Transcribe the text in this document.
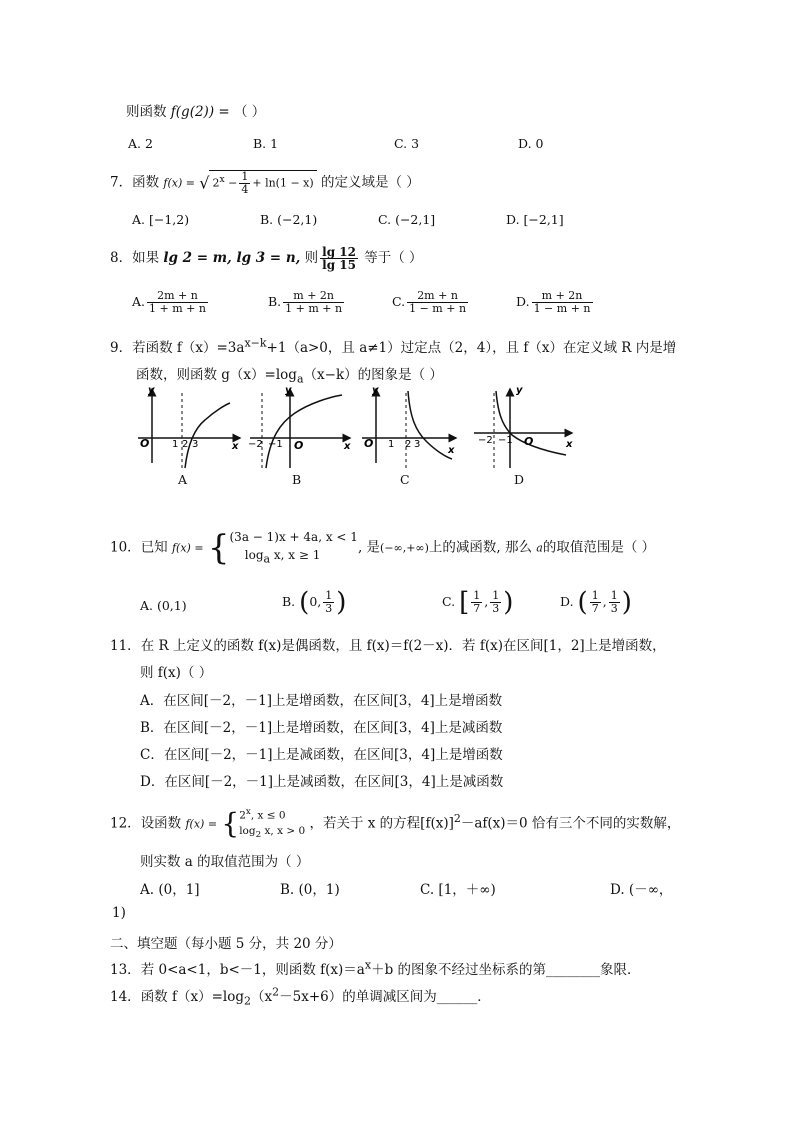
则函数 f(g(2)) = （ ）
A. 2	B. 1	C. 3	D. 0
7．函数 f(x) = √ $2^x - \frac{1}{4} + \ln(1 - x)$ 的定义域是（ ）
A. [−1,2)	B. (−2,1)	C. (−2,1]	D. [−2,1]
8．如果 lg 2 = m, lg 3 = n, 则 $\frac{\lg 12}{\lg 15}$ 等于（ ）
A. $\frac{2m + n}{1 + m + n}$	B. $\frac{m + 2n}{1 + m + n}$	C. $\frac{2m + n}{1 - m + n}$	D. $\frac{m + 2n}{1 - m + n}$
9．若函数 $f(x)=3a^{x-k}+1(a>0$，且 a≠1）过定点（2，4），且 f（x）在定义域 R 内是增
函数，则函数 $g(x)=\log_a(x-k)$的图象是（ ）
O
y
1 2 3	x	O
y
−2 −1	x O
y
1 2 3
x
O
y
−2 −1	x
A	B	C	D
10．已知 f(x) = {(3a − 1)x + 4a, x < 1
$\log_a x$, x ≥ 1	, 是(−∞,+∞)上的减函数, 那么 a的取值范围是（ ）
A. (0,1)	B. (0, $\frac{1}{3}$ )	C. [ $\frac{1}{7}$ , $\frac{1}{3}$ )	D. ( $\frac{1}{7}$ , $\frac{1}{3}$ )
11．在 R 上定义的函数 f(x)是偶函数，且 f(x)＝f(2－x)．若 f(x)在区间[1，2]上是增函数，
则 f(x)（ ）
A．在区间[－2，－1]上是增函数，在区间[3，4]上是增函数
B．在区间[－2，－1]上是增函数，在区间[3，4]上是减函数
C．在区间[－2，－1]上是减函数，在区间[3，4]上是增函数
D．在区间[－2，－1]上是减函数，在区间[3，4]上是减函数
12．设函数 $f(x) = \{2^x$, x ≤ 0
$\log_2 x$, x > 0 ，若关于 x 的方程$[f(x)]^2-af(x)=0$ 恰有三个不同的实数解，
则实数 a 的取值范围为（ ）
A. (0，1]	B. (0，1)	C. [1，＋∞)	D. (－∞，
1)
二、填空题（每小题 5 分，共 20 分）
13．若 0<a<1，b<－1，则函数 $f(x)=a^x+b$ 的图象不经过坐标系的第________象限．
14．函数 $f(x)=\log_2(x^2-5x+6)$的单调减区间为______．
